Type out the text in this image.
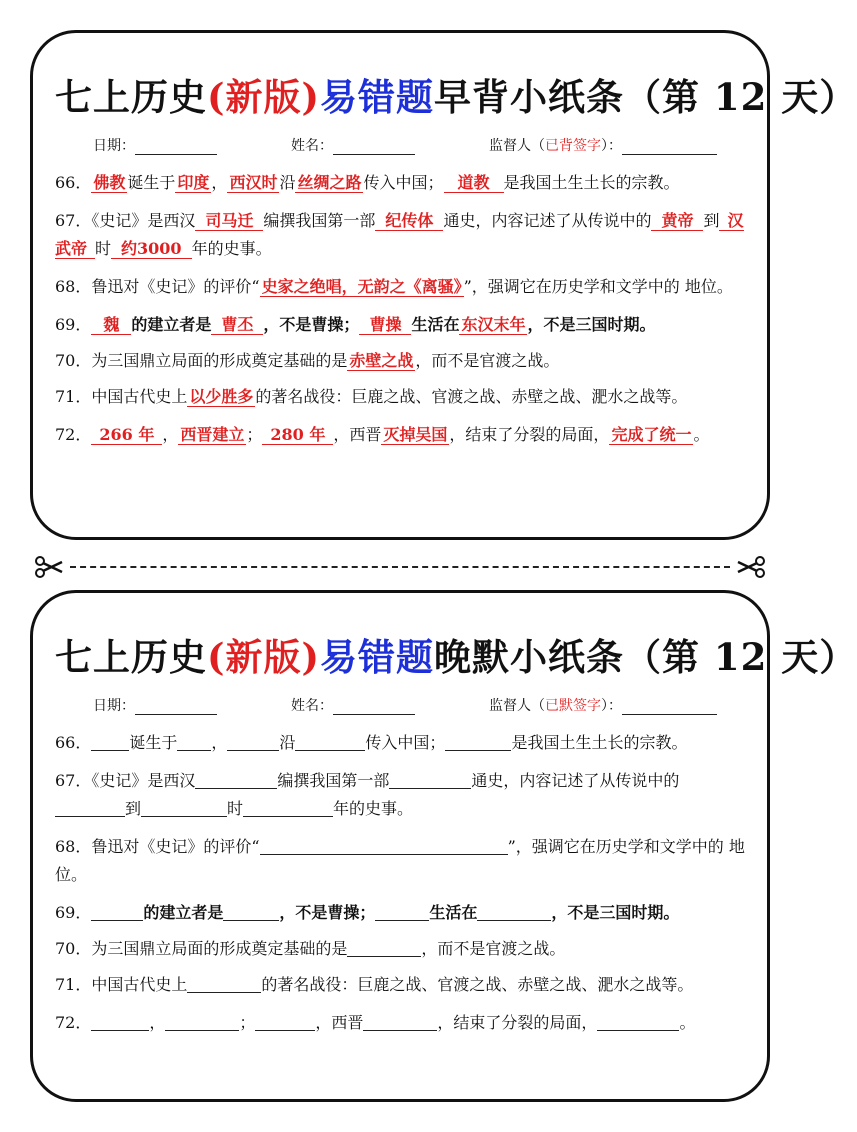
七上历史(新版)易错题早背小纸条（第 12 天）
日期：	姓名：	监督人（已背签字）：
66． 佛教 诞生于 印度 ， 西汉时 沿 丝绸之路 传入中国； 道教 是我国土生土长的宗教。
67．《史记》是西汉 司马迁 编撰我国第一部 纪传体 通史，内容记述了从传说中的 黄帝 到 汉武帝 时 约3000 年的史事。
68．鲁迅对《史记》的评价“ 史家之绝唱，无韵之《离骚》 ”，强调它在历史学和文学中的 地位。
69． 魏 的建立者是 曹丕 ，不是曹操； 曹操 生活在 东汉末年 ，不是三国时期。
70．为三国鼎立局面的形成奠定基础的是 赤壁之战 ，而不是官渡之战。
71．中国古代史上 以少胜多 的著名战役：巨鹿之战、官渡之战、赤壁之战、淝水之战等。
72． 266 年 ， 西晋建立 ； 280 年 ，西晋 灭掉吴国 ，结束了分裂的局面， 完成了统一 。
七上历史(新版)易错题晚默小纸条（第 12 天）
日期：	姓名：	监督人（已默签字）：
66． 诞生于 ，	沿	传入中国；	是我国土生土长的宗教。
67．《史记》是西汉	编撰我国第一部	通史，内容记述了从传说中的到	时	年的史事。
68．鲁迅对《史记》的评价“	”，强调它在历史学和文学中的 地位。
69．	的建立者是	，不是曹操；	生活在	，不是三国时期。
70．为三国鼎立局面的形成奠定基础的是	，而不是官渡之战。
71．中国古代史上	的著名战役：巨鹿之战、官渡之战、赤壁之战、淝水之战等。
72．	，	；	，西晋	，结束了分裂的局面，	。
